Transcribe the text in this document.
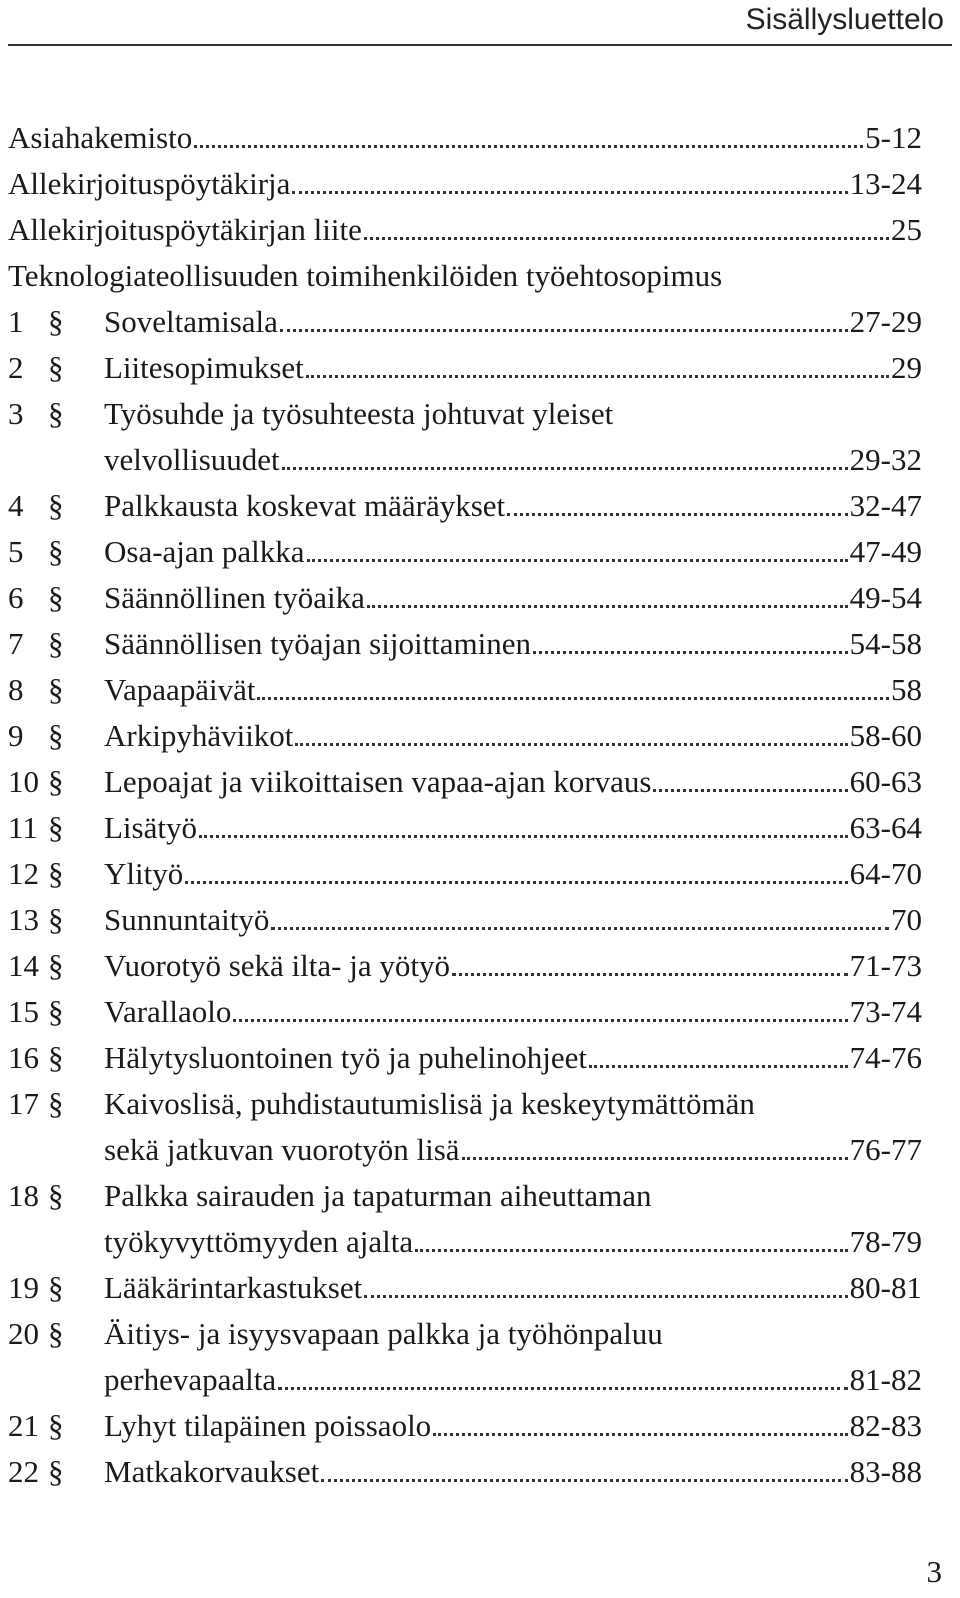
Sisällysluettelo
Asiahakemisto	5-12
Allekirjoituspöytäkirja	13-24
Allekirjoituspöytäkirjan liite	25
Teknologiateollisuuden toimihenkilöiden työehtosopimus
1 § Soveltamisala	27-29
2 § Liitesopimukset	29
3 § Työsuhde ja työsuhteesta johtuvat yleiset
velvollisuudet	29-32
4 § Palkkausta koskevat määräykset	32-47
5 § Osa-ajan palkka	47-49
6 § Säännöllinen työaika	49-54
7 § Säännöllisen työajan sijoittaminen	54-58
8 § Vapaapäivät	58
9 § Arkipyhäviikot	58-60
10 § Lepoajat ja viikoittaisen vapaa-ajan korvaus	60-63
11 § Lisätyö	63-64
12 § Ylityö	64-70
13 § Sunnuntaityö	70
14 § Vuorotyö sekä ilta- ja yötyö	71-73
15 § Varallaolo	73-74
16 § Hälytysluontoinen työ ja puhelinohjeet	74-76
17 § Kaivoslisä, puhdistautumislisä ja keskeytymättömän
sekä jatkuvan vuorotyön lisä	76-77
18 § Palkka sairauden ja tapaturman aiheuttaman
työkyvyttömyyden ajalta	78-79
19 § Lääkärintarkastukset	80-81
20 § Äitiys- ja isyysvapaan palkka ja työhönpaluu
perhevapaalta	81-82
21 § Lyhyt tilapäinen poissaolo	82-83
22 § Matkakorvaukset	83-88
3
